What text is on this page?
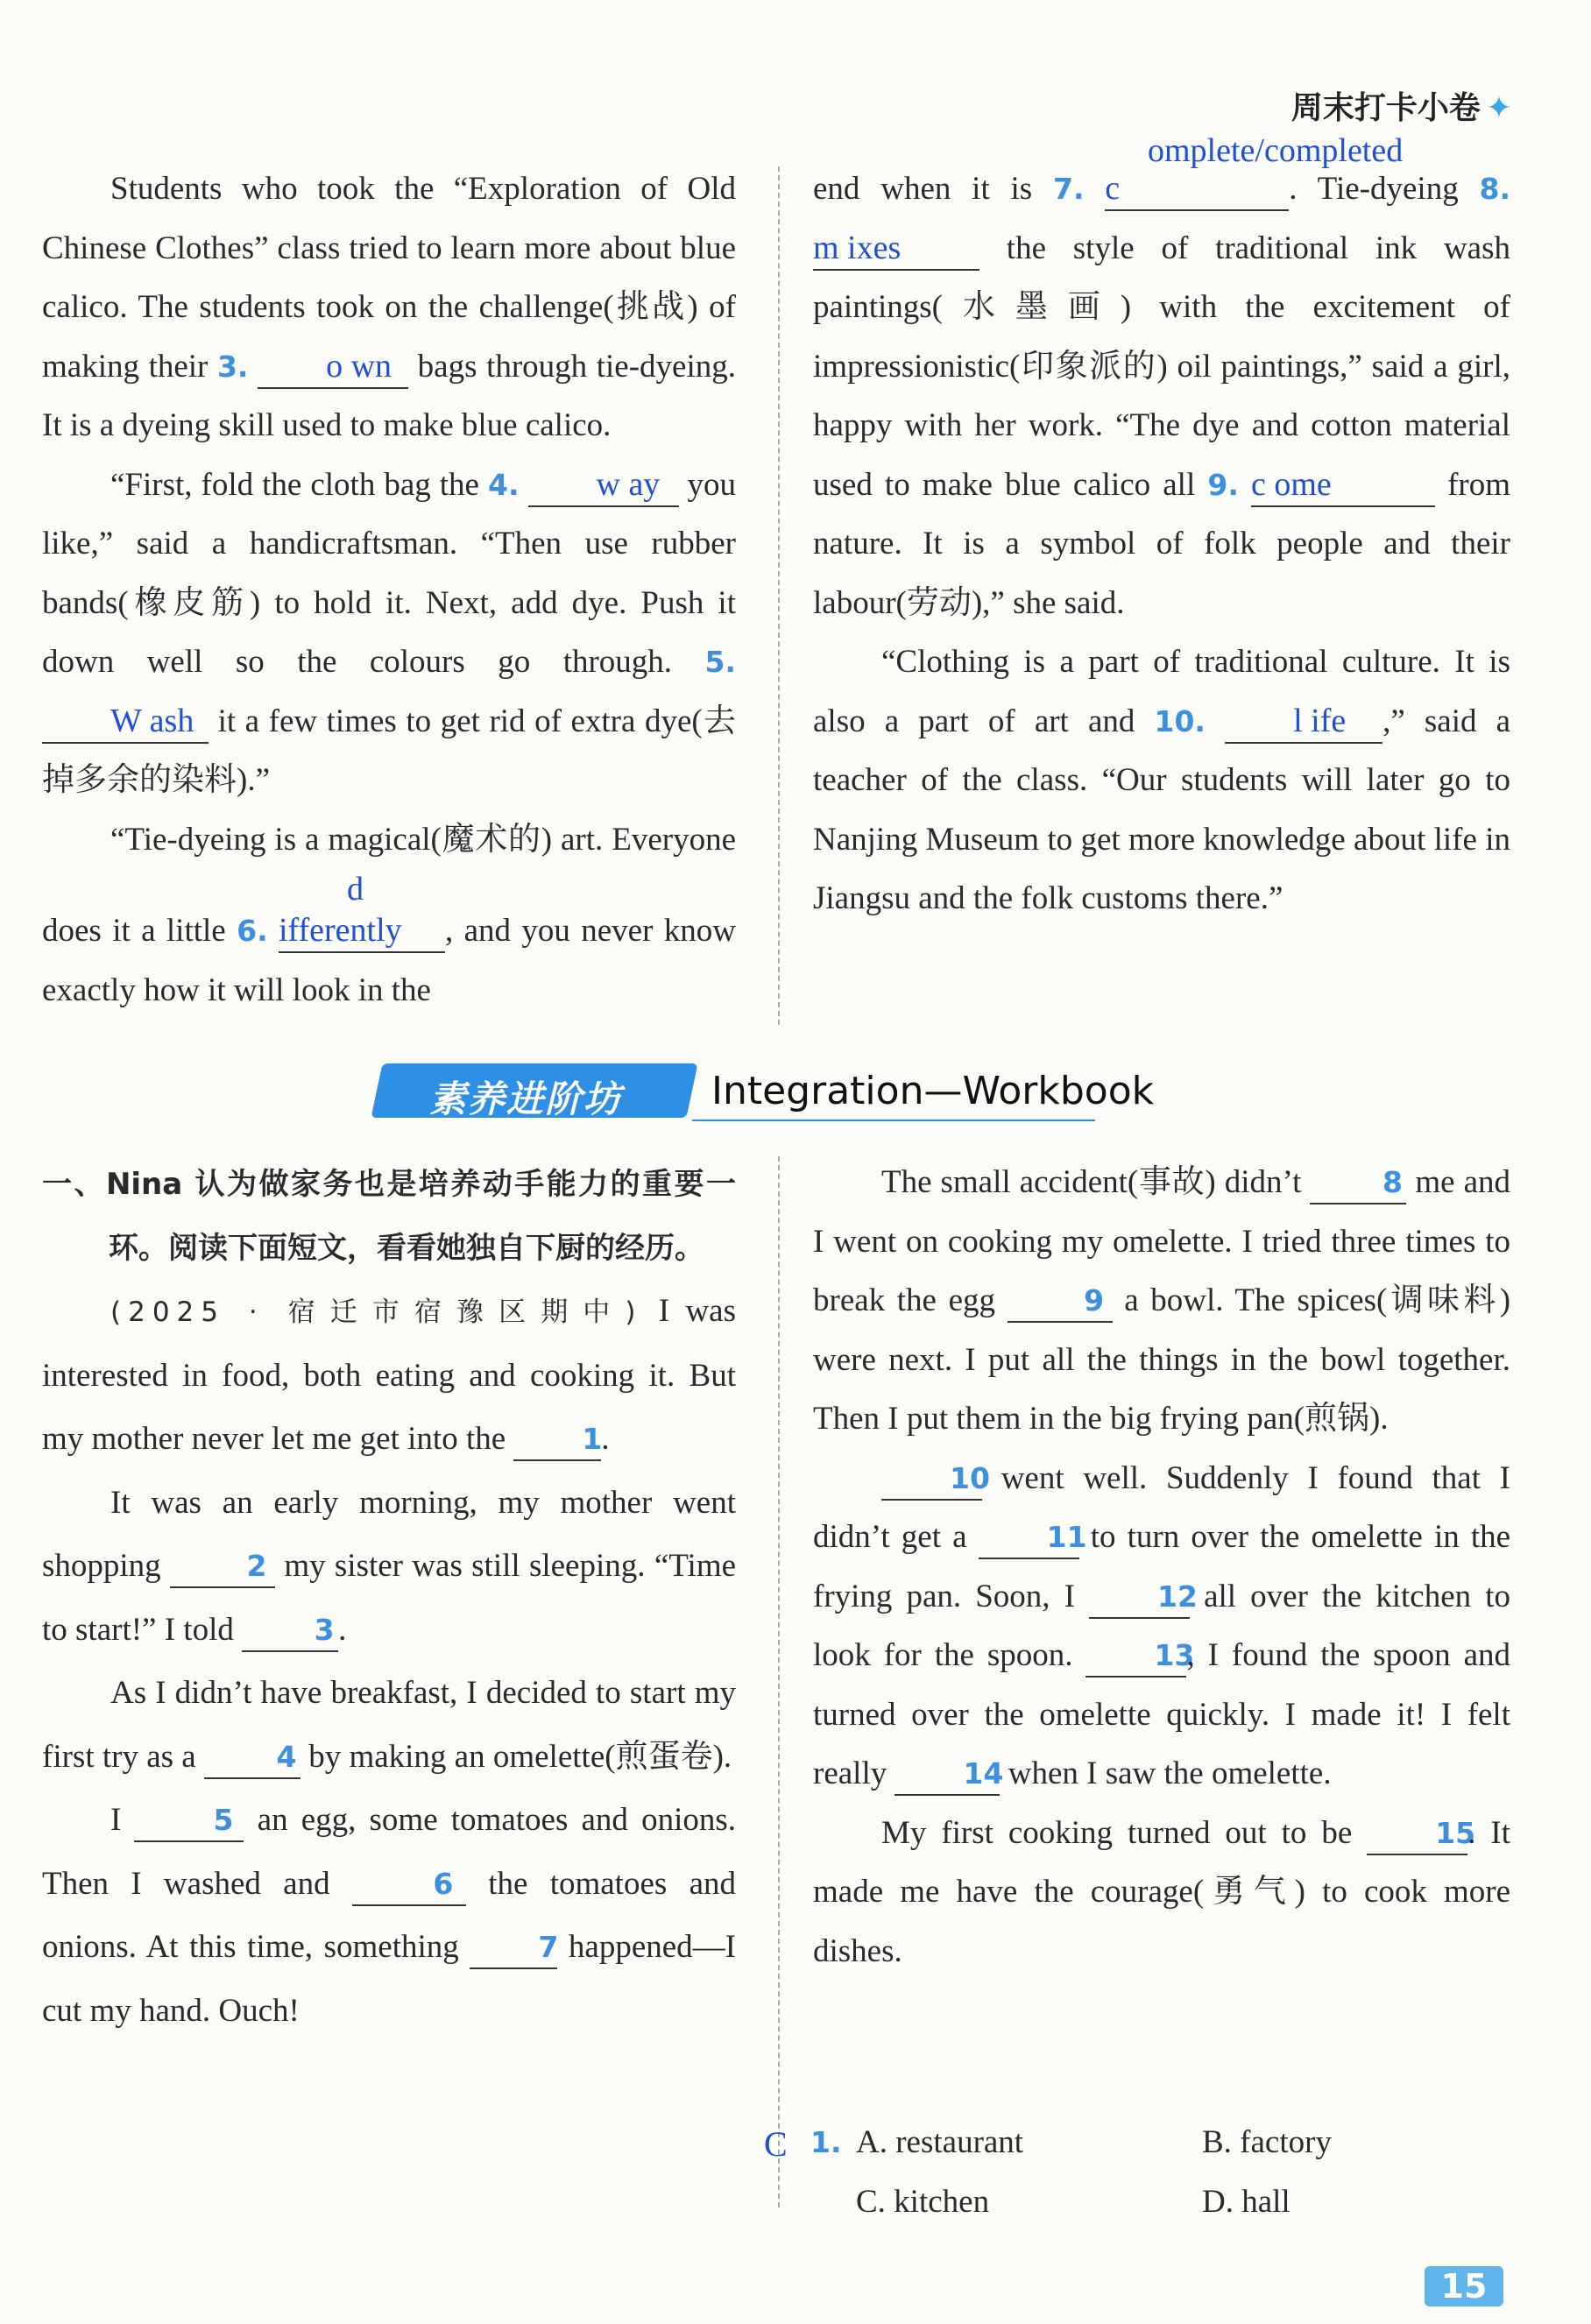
周末打卡小卷 ✦
omplete/completed

Students who took the “Exploration of Old Chinese Clothes” class tried to learn more about blue calico. The students took on the challenge(挑战) of making their 3. o wn bags through tie-dyeing. It is a dyeing skill used to make blue calico.

“First, fold the cloth bag the 4. w ay you like,” said a handicraftsman. “Then use rubber bands(橡皮筋) to hold it. Next, add dye. Push it down well so the colours go through. 5. W ash it a few times to get rid of extra dye(去掉多余的染料).”

“Tie-dyeing is a magical(魔术的) art. Everyone does it a little 6. d ifferently , and you never know exactly how it will look in the

end when it is 7. c	. Tie-dyeing 8. m ixes	the style of traditional ink wash paintings(水墨画) with the excitement of impressionistic(印象派的) oil paintings,” said a girl, happy with her work. “The dye and cotton material used to make blue calico all 9. c ome	from nature. It is a symbol of folk people and their labour(劳动),” she said.

“Clothing is a part of traditional culture. It is also a part of art and 10.	l ife ,” said a teacher of the class. “Our students will later go to Nanjing Museum to get more knowledge about life in Jiangsu and the folk customs there.”

素养进阶坊 Integration—Workbook

一、Nina 认为做家务也是培养动手能力的重要一环。阅读下面短文，看看她独自下厨的经历。

(2025 · 宿迁市宿豫区期中) I was interested in food, both eating and cooking it. But my mother never let me get into the	1.

It was an early morning, my mother went shopping	2 my sister was still sleeping. “Time to start!” I told	3 .

As I didn’t have breakfast, I decided to start my first try as a	4 by making an omelette(煎蛋卷).

I	5 an egg, some tomatoes and onions. Then I washed and	6 the tomatoes and onions. At this time, something	7 happened—I cut my hand. Ouch!

The small accident(事故) didn’t	8 me and I went on cooking my omelette. I tried three times to break the egg	9 a bowl. The spices(调味料) were next. I put all the things in the bowl together. Then I put them in the big frying pan(煎锅).

10 went well. Suddenly I found that I didn’t get a	11 to turn over the omelette in the frying pan. Soon, I	12 all over the kitchen to look for the spoon.	13, I found the spoon and turned over the omelette quickly. I made it! I felt really	14 when I saw the omelette.

My first cooking turned out to be	15. It made me have the courage(勇气) to cook more dishes.

C 1. A. restaurant	B. factory
C. kitchen	D. hall
15
